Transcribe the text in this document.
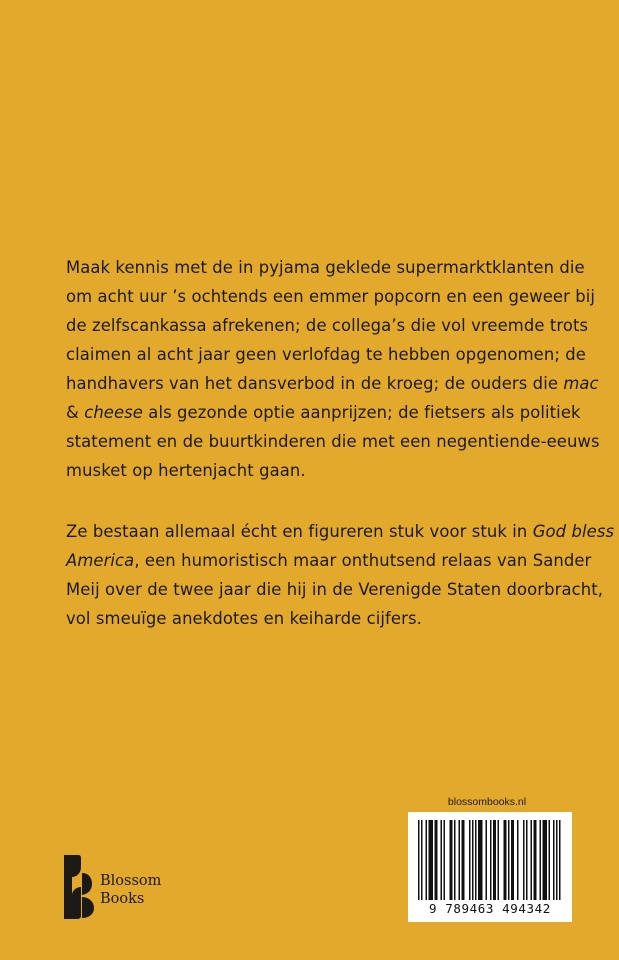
Maak kennis met de in pyjama geklede supermarktklanten die
om acht uur ’s ochtends een emmer popcorn en een geweer bij
de zelfscankassa afrekenen; de collega’s die vol vreemde trots
claimen al acht jaar geen verlofdag te hebben opgenomen; de
handhavers van het dansverbod in de kroeg; de ouders die mac
& cheese als gezonde optie aanprijzen; de fietsers als politiek
statement en de buurtkinderen die met een negentiende-eeuws
musket op hertenjacht gaan.
Ze bestaan allemaal écht en figureren stuk voor stuk in God bless
America, een humoristisch maar onthutsend relaas van Sander
Meij over de twee jaar die hij in de Verenigde Staten doorbracht,
vol smeuïge anekdotes en keiharde cijfers.
blossombooks.nl
9 789463 494342
Blossom
Books
